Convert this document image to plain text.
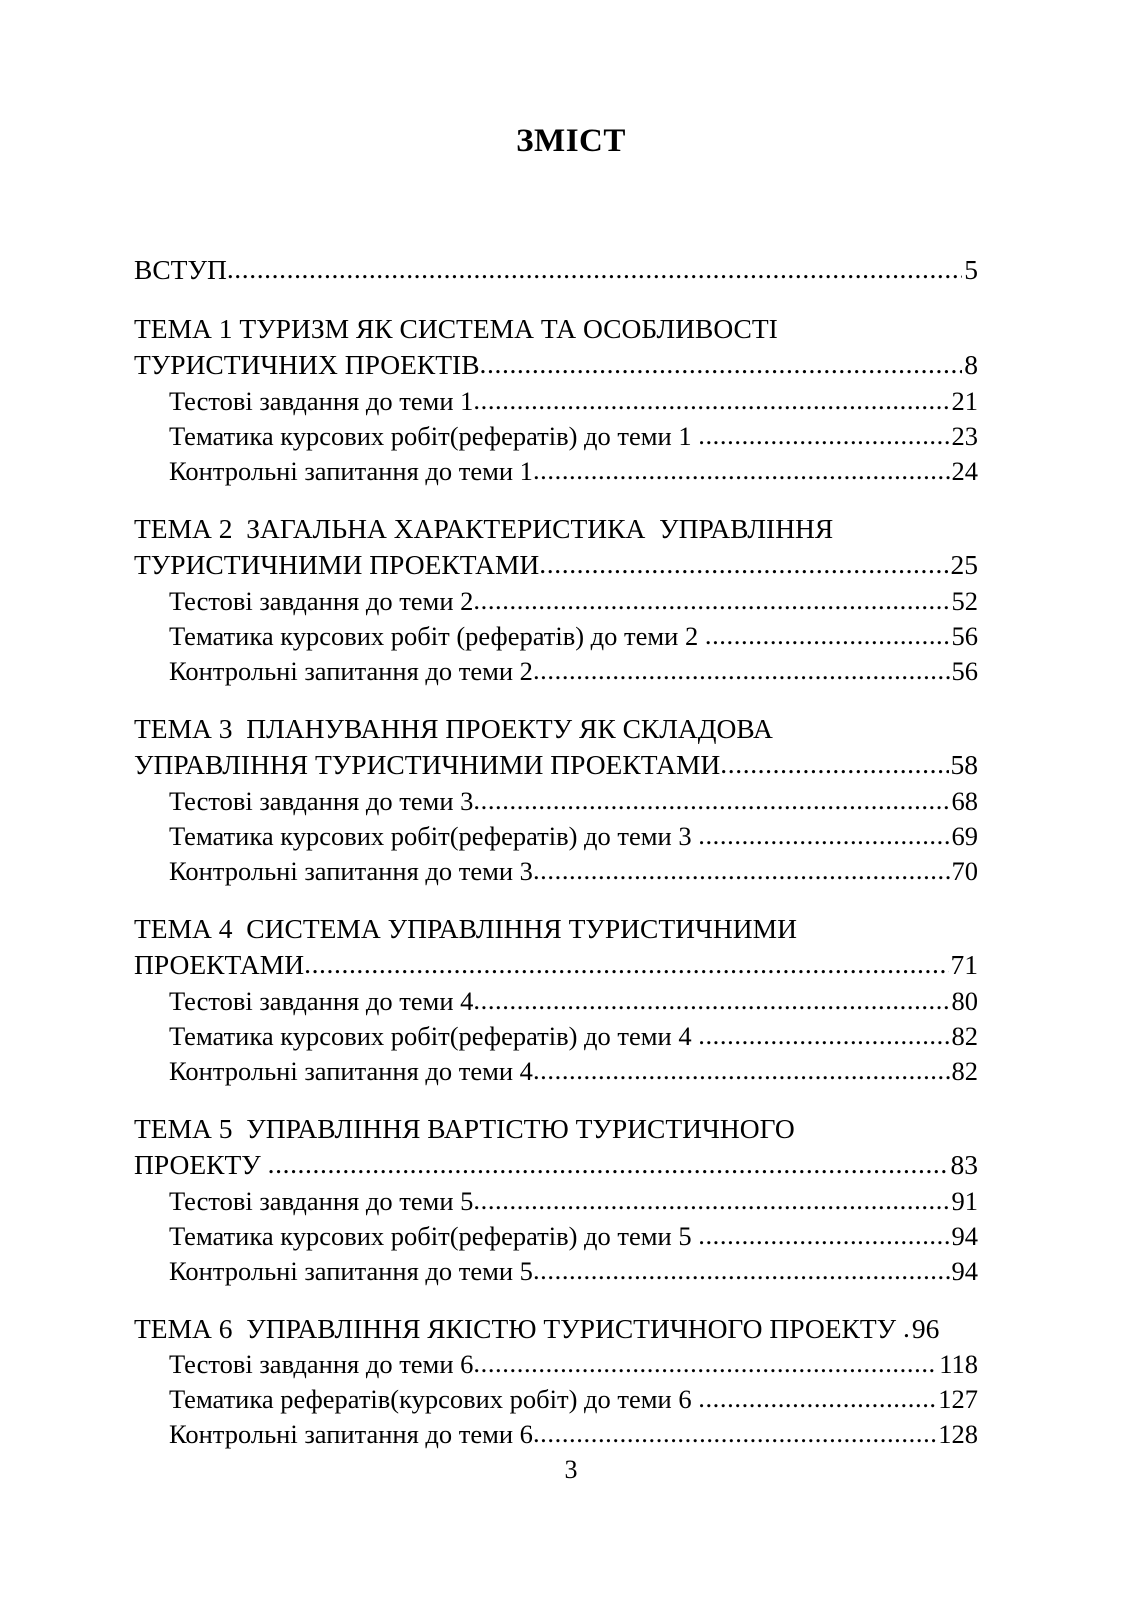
ЗМІСТ
ВСТУП .....	5
ТЕМА 1 ТУРИЗМ ЯК СИСТЕМА ТА ОСОБЛИВОСТІ
ТУРИСТИЧНИХ ПРОЕКТІВ .....	8
Тестові завдання до теми 1 .....	21
Тематика курсових робіт(рефератів) до теми 1 .....	23
Контрольні запитання до теми 1 .....	24
ТЕМА 2  ЗАГАЛЬНА ХАРАКТЕРИСТИКА  УПРАВЛІННЯ
ТУРИСТИЧНИМИ ПРОЕКТАМИ .....	25
Тестові завдання до теми 2 .....	52
Тематика курсових робіт (рефератів) до теми 2 .....	56
Контрольні запитання до теми 2 .....	56
ТЕМА 3  ПЛАНУВАННЯ ПРОЕКТУ ЯК СКЛАДОВА
УПРАВЛІННЯ ТУРИСТИЧНИМИ ПРОЕКТАМИ .....	58
Тестові завдання до теми 3 .....	68
Тематика курсових робіт(рефератів) до теми 3 .....	69
Контрольні запитання до теми 3 .....	70
ТЕМА 4  СИСТЕМА УПРАВЛІННЯ ТУРИСТИЧНИМИ
ПРОЕКТАМИ .....	71
Тестові завдання до теми 4 .....	80
Тематика курсових робіт(рефератів) до теми 4 .....	82
Контрольні запитання до теми 4 .....	82
ТЕМА 5  УПРАВЛІННЯ ВАРТІСТЮ ТУРИСТИЧНОГО
ПРОЕКТУ .....	83
Тестові завдання до теми 5 .....	91
Тематика курсових робіт(рефератів) до теми 5 .....	94
Контрольні запитання до теми 5 .....	94
ТЕМА 6  УПРАВЛІННЯ ЯКІСТЮ ТУРИСТИЧНОГО ПРОЕКТУ . 96
Тестові завдання до теми 6 .....	118
Тематика рефератів(курсових робіт) до теми 6 .....	127
Контрольні запитання до теми 6 .....	128
3
